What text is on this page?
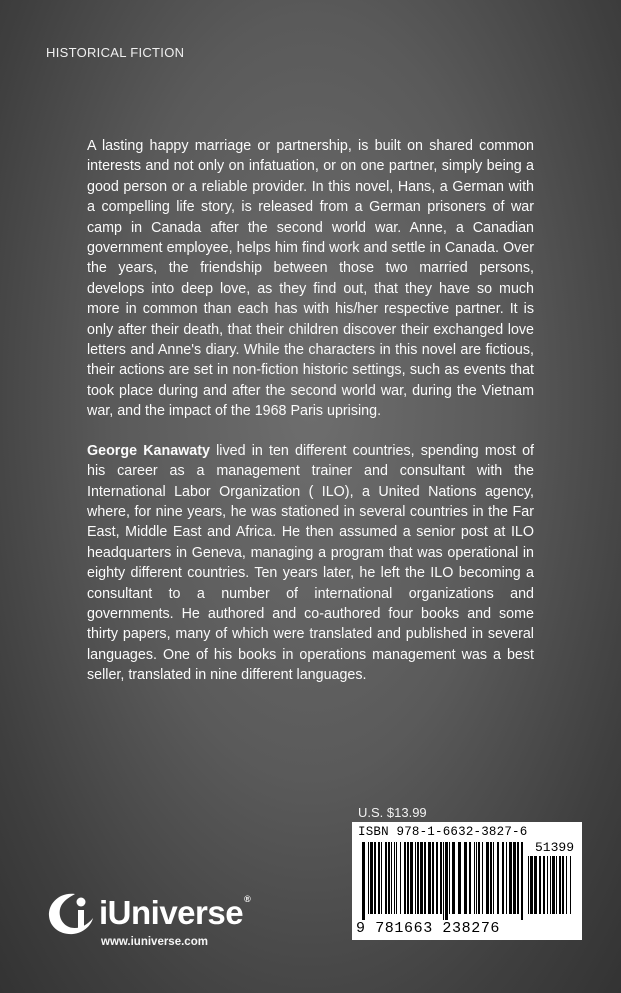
HISTORICAL FICTION

A lasting happy marriage or partnership, is built on shared common interests and not only on infatuation, or on one partner, simply being a good person or a reliable provider. In this novel, Hans, a German with a compelling life story, is released from a German prisoners of war camp in Canada after the second world war. Anne, a Canadian government employee, helps him find work and settle in Canada. Over the years, the friendship between those two married persons, develops into deep love, as they find out, that they have so much more in common than each has with his/her respective partner. It is only after their death, that their children discover their exchanged love letters and Anne's diary. While the characters in this novel are fictious, their actions are set in non-fiction historic settings, such as events that took place during and after the second world war, during the Vietnam war, and the impact of the 1968 Paris uprising.

George Kanawaty lived in ten different countries, spending most of his career as a management trainer and consultant with the International Labor Organization ( ILO), a United Nations agency, where, for nine years, he was stationed in several countries in the Far East, Middle East and Africa. He then assumed a senior post at ILO headquarters in Geneva, managing a program that was operational in eighty different countries. Ten years later, he left the ILO becoming a consultant to a number of international organizations and governments. He authored and co-authored four books and some thirty papers, many of which were translated and published in several languages. One of his books in operations management was a best seller, translated in nine different languages.

U.S. $13.99
ISBN 978-1-6632-3827-6
51399
9 781663 238276
iUniverse®
www.iuniverse.com
